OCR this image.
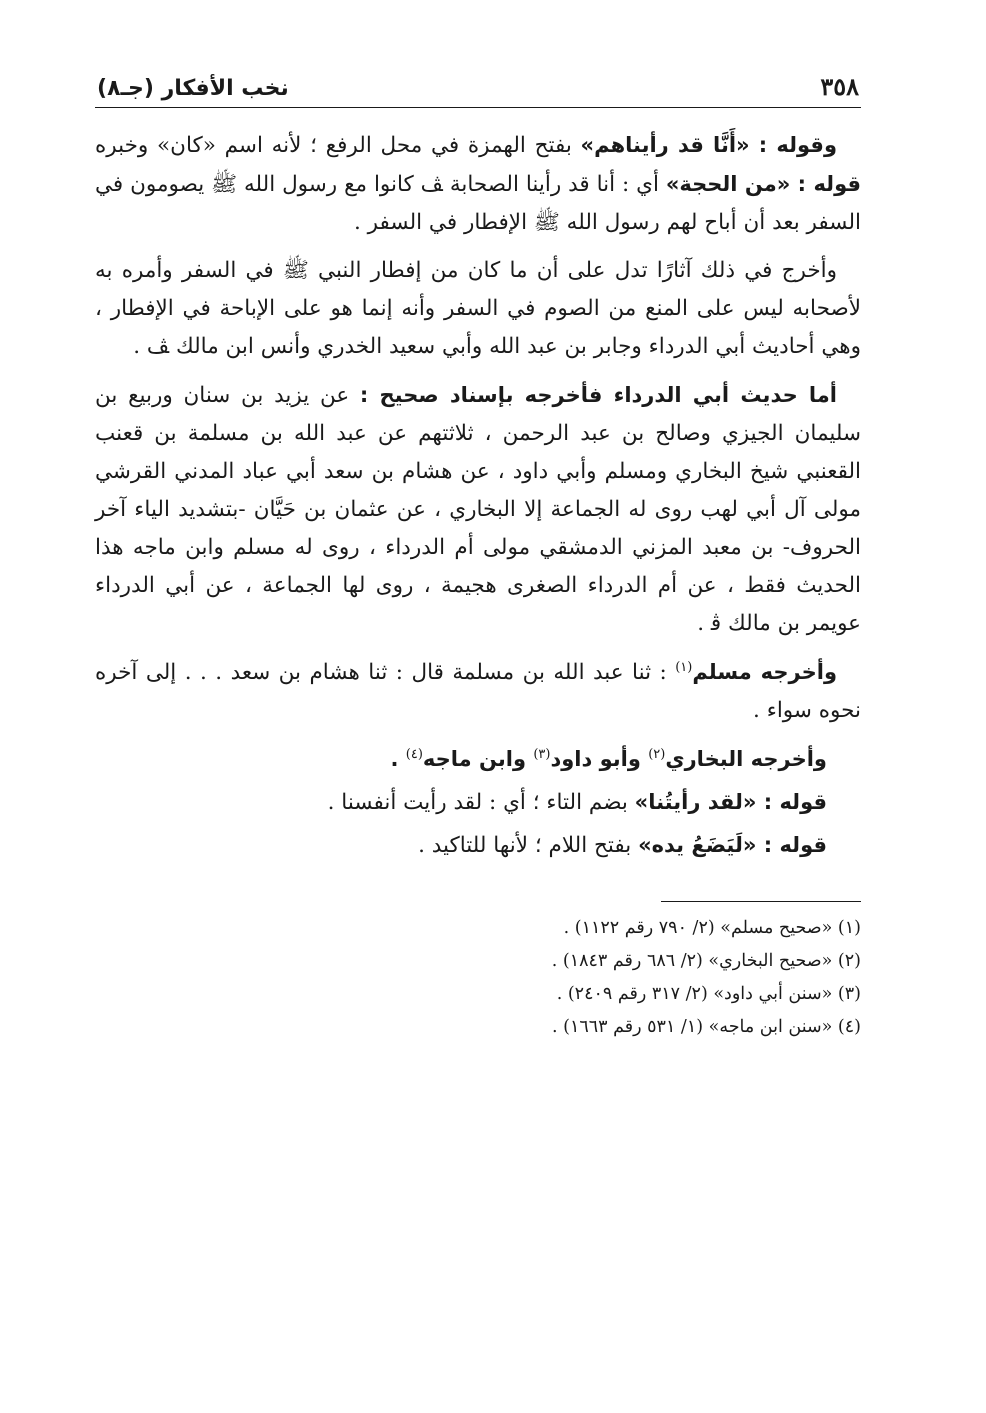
٣٥٨
نخب الأفكار (جـ٨)

وقوله : «أَنَّا قد رأيناهم» بفتح الهمزة في محل الرفع ؛ لأنه اسم «كان» وخبره قوله : «من الحجة» أي : أنا قد رأينا الصحابة ﭫ كانوا مع رسول الله ﷺ يصومون في السفر بعد أن أباح لهم رسول الله ﷺ الإفطار في السفر .

وأخرج في ذلك آثارًا تدل على أن ما كان من إفطار النبي ﷺ في السفر وأمره به لأصحابه ليس على المنع من الصوم في السفر وأنه إنما هو على الإباحة في الإفطار ، وهي أحاديث أبي الدرداء وجابر بن عبد الله وأبي سعيد الخدري وأنس ابن مالك ﭫ .

أما حديث أبي الدرداء فأخرجه بإسناد صحيح : عن يزيد بن سنان وربيع بن سليمان الجيزي وصالح بن عبد الرحمن ، ثلاثتهم عن عبد الله بن مسلمة بن قعنب القعنبي شيخ البخاري ومسلم وأبي داود ، عن هشام بن سعد أبي عباد المدني القرشي مولى آل أبي لهب روى له الجماعة إلا البخاري ، عن عثمان بن حَيَّان -بتشديد الياء آخر الحروف- بن معبد المزني الدمشقي مولى أم الدرداء ، روى له مسلم وابن ماجه هذا الحديث فقط ، عن أم الدرداء الصغرى هجيمة ، روى لها الجماعة ، عن أبي الدرداء عويمر بن مالك ﭬ .

وأخرجه مسلم$^{(١)}$ : ثنا عبد الله بن مسلمة قال : ثنا هشام بن سعد . . . إلى آخره نحوه سواء .

وأخرجه البخاري$^{(٢)}$ وأبو داود$^{(٣)}$ وابن ماجه$^{(٤)}$ .

قوله : «لقد رأيتُنا» بضم التاء ؛ أي : لقد رأيت أنفسنا .

قوله : «لَيَضَعُ يده» بفتح اللام ؛ لأنها للتاكيد .

(١) «صحيح مسلم» (٢/ ٧٩٠ رقم ١١٢٢) .

(٢) «صحيح البخاري» (٢/ ٦٨٦ رقم ١٨٤٣) .

(٣) «سنن أبي داود» (٢/ ٣١٧ رقم ٢٤٠٩) .

(٤) «سنن ابن ماجه» (١/ ٥٣١ رقم ١٦٦٣) .
